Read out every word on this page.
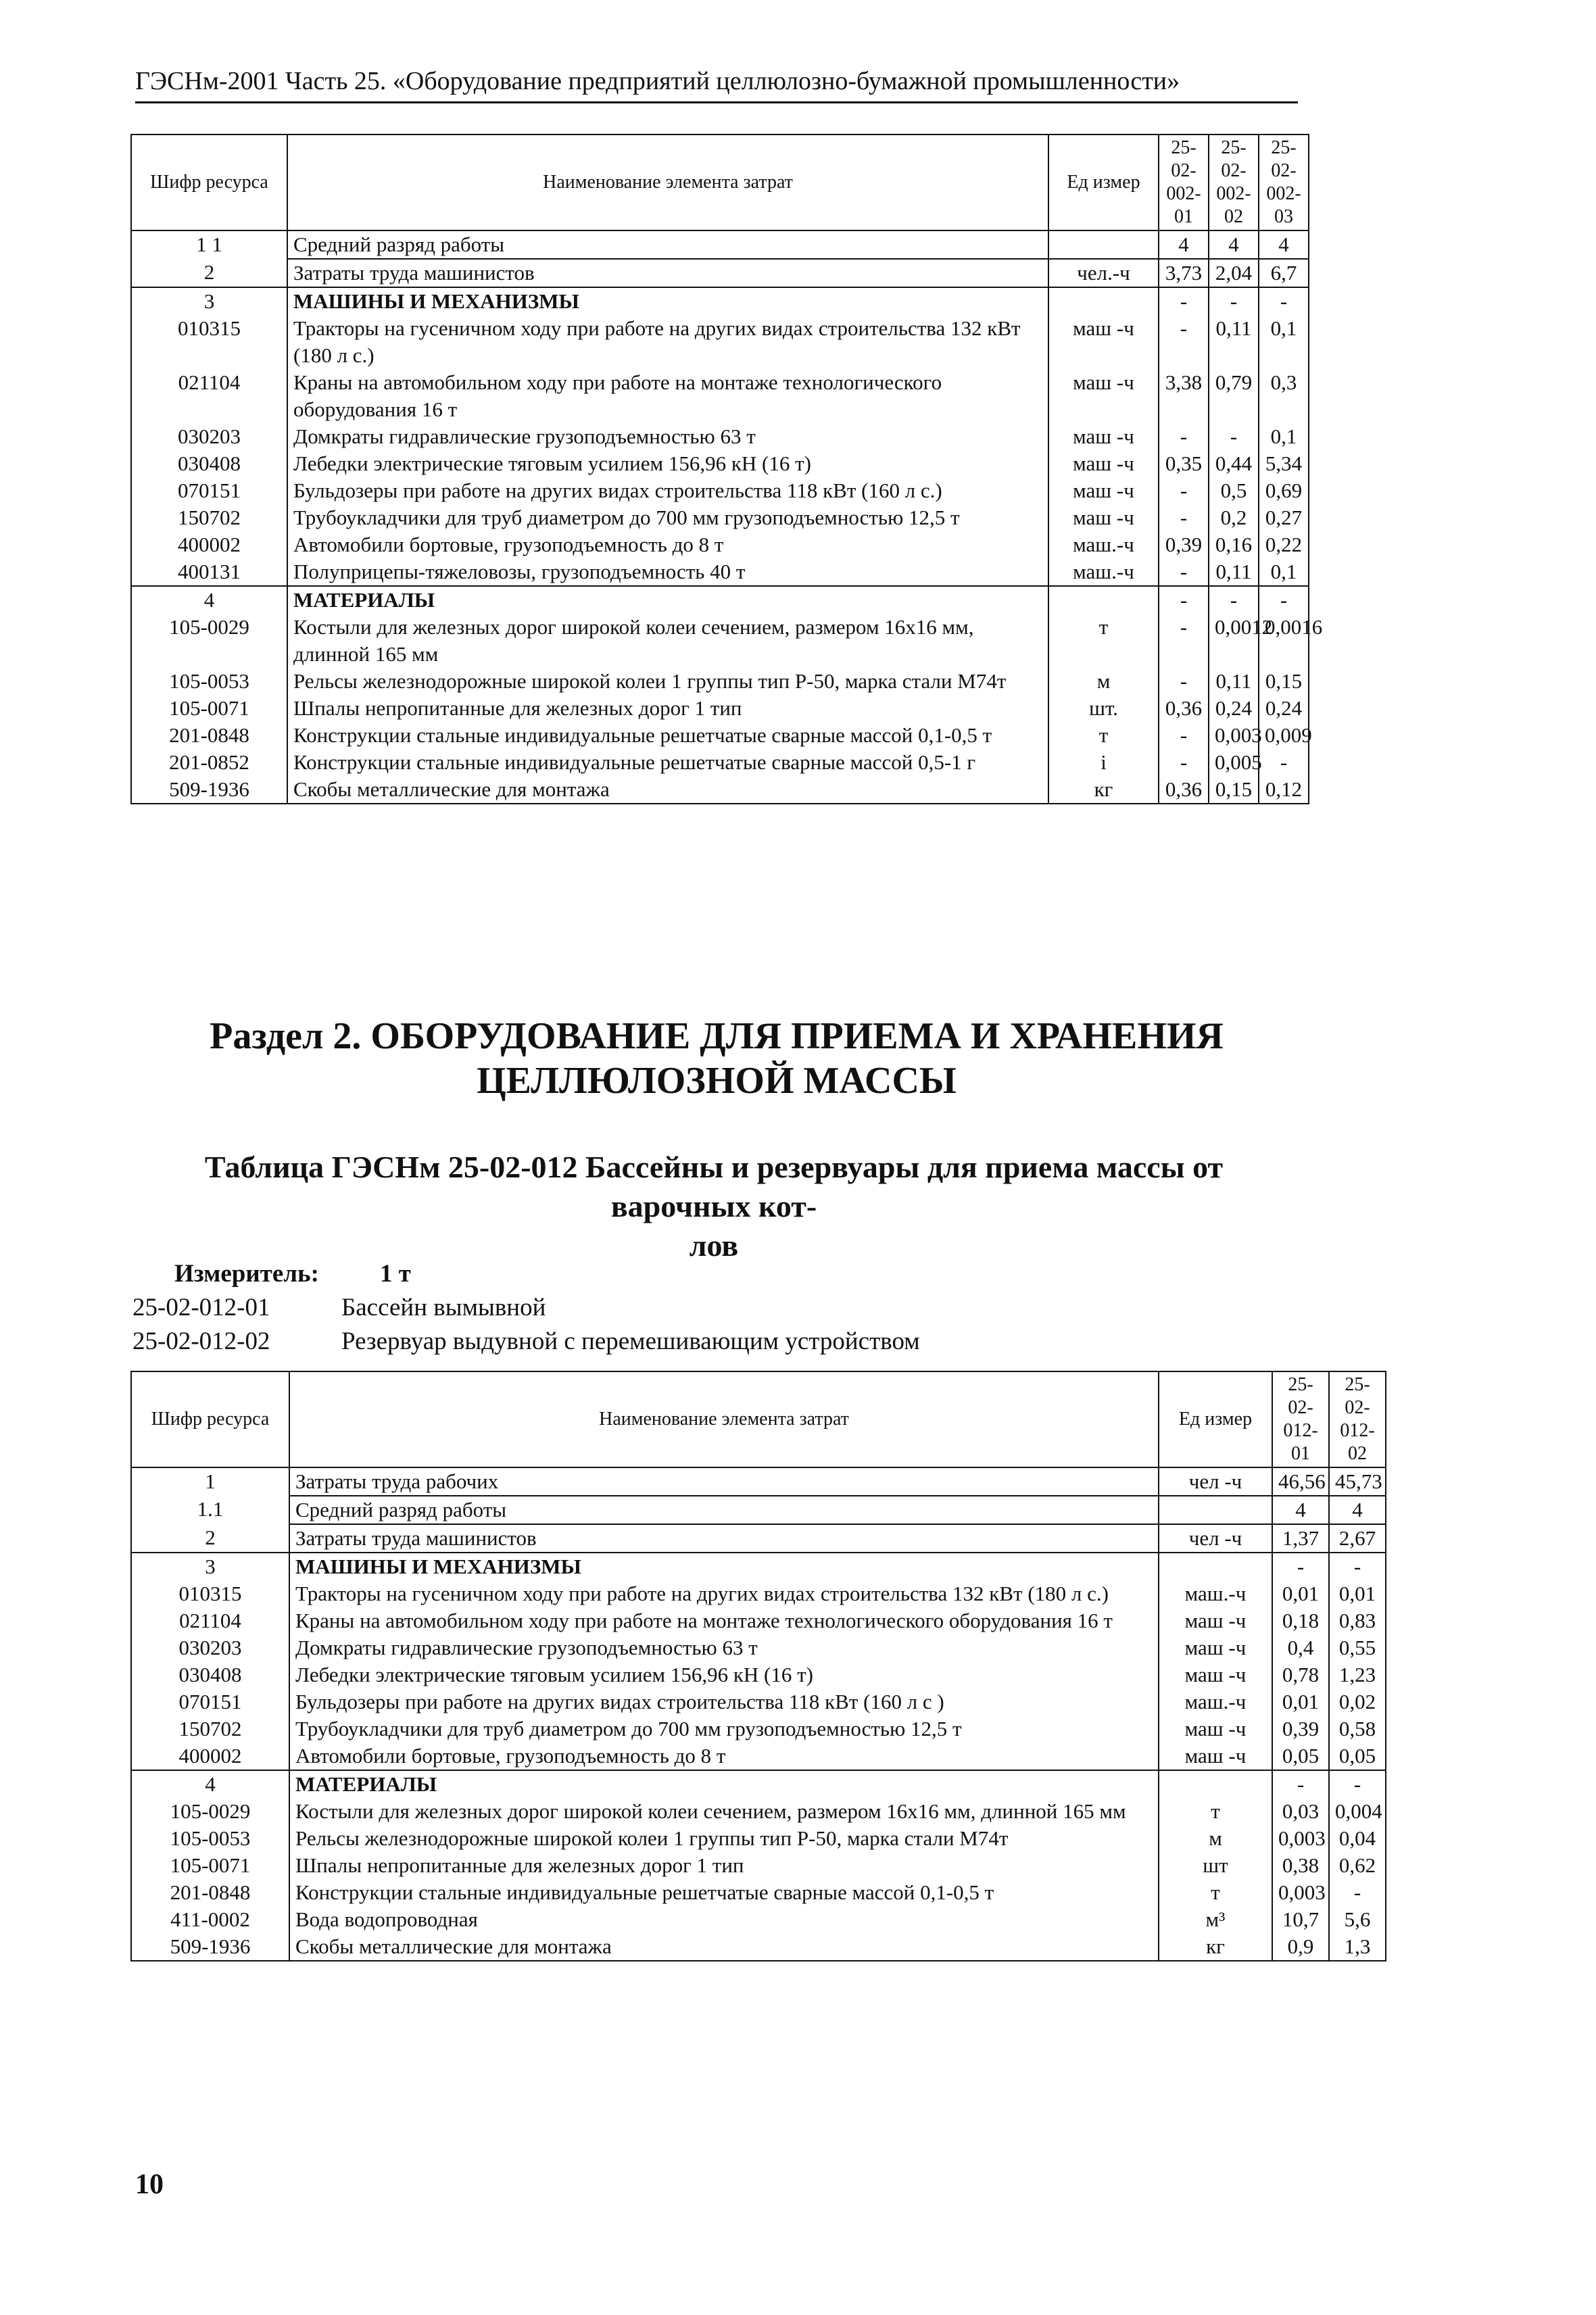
ГЭСНм-2001 Часть 25. «Оборудование предприятий целлюлозно-бумажной промышленности»
Шифр ресурса	Наименование элемента затрат	Ед измер	25-02-002-01	25-02-002-02	25-02-002-03
1 1	Средний разряд работы		4	4	4
2	Затраты труда машинистов	чел.-ч	3,73	2,04	6,7
3	МАШИНЫ И МЕХАНИЗМЫ		-	-	-
010315	Тракторы на гусеничном ходу при работе на других видах строительства 132 кВт (180 л с.)	маш -ч	-	0,11	0,1
021104	Краны на автомобильном ходу при работе на монтаже технологического оборудования 16 т	маш -ч	3,38	0,79	0,3
030203	Домкраты гидравлические грузоподъемностью 63 т	маш -ч	-	-	0,1
030408	Лебедки электрические тяговым усилием 156,96 кН (16 т)	маш -ч	0,35	0,44	5,34
070151	Бульдозеры при работе на других видах строительства 118 кВт (160 л с.)	маш -ч	-	0,5	0,69
150702	Трубоукладчики для труб диаметром до 700 мм грузоподъемностью 12,5 т	маш -ч	-	0,2	0,27
400002	Автомобили бортовые, грузоподъемность до 8 т	маш.-ч	0,39	0,16	0,22
400131	Полуприцепы-тяжеловозы, грузоподъемность 40 т	маш.-ч	-	0,11	0,1
4	МАТЕРИАЛЫ		-	-	-
105-0029	Костыли для железных дорог широкой колеи сечением, размером 16х16 мм, длинной 165 мм	т	-	0,0012	0,0016
105-0053	Рельсы железнодорожные широкой колеи 1 группы тип Р-50, марка стали М74т	м	-	0,11	0,15
105-0071	Шпалы непропитанные для железных дорог 1 тип	шт.	0,36	0,24	0,24
201-0848	Конструкции стальные индивидуальные решетчатые сварные массой 0,1-0,5 т	т	-	0,003	0,009
201-0852	Конструкции стальные индивидуальные решетчатые сварные массой 0,5-1 г	i	-	0,005	-
509-1936	Скобы металлические для монтажа	кг	0,36	0,15	0,12
Раздел 2. ОБОРУДОВАНИЕ ДЛЯ ПРИЕМА И ХРАНЕНИЯ
ЦЕЛЛЮЛОЗНОЙ МАССЫ
Таблица ГЭСНм 25-02-012 Бассейны и резервуары для приема массы от варочных кот-
лов
Измеритель: 1 т
25-02-012-01	Бассейн вымывной
25-02-012-02	Резервуар выдувной с перемешивающим устройством
Шифр ресурса	Наименование элемента затрат	Ед измер	25-02-012-01	25-02-012-02
1	Затраты труда рабочих	чел -ч	46,56	45,73
1.1	Средний разряд работы		4	4
2	Затраты труда машинистов	чел -ч	1,37	2,67
3	МАШИНЫ И МЕХАНИЗМЫ		-	-
010315	Тракторы на гусеничном ходу при работе на других видах строительства 132 кВт (180 л с.)	маш.-ч	0,01	0,01
021104	Краны на автомобильном ходу при работе на монтаже технологического оборудования 16 т	маш -ч	0,18	0,83
030203	Домкраты гидравлические грузоподъемностью 63 т	маш -ч	0,4	0,55
030408	Лебедки электрические тяговым усилием 156,96 кН (16 т)	маш -ч	0,78	1,23
070151	Бульдозеры при работе на других видах строительства 118 кВт (160 л с )	маш.-ч	0,01	0,02
150702	Трубоукладчики для труб диаметром до 700 мм грузоподъемностью 12,5 т	маш -ч	0,39	0,58
400002	Автомобили бортовые, грузоподъемность до 8 т	маш -ч	0,05	0,05
4	МАТЕРИАЛЫ		-	-
105-0029	Костыли для железных дорог широкой колеи сечением, размером 16х16 мм, длинной 165 мм	т	0,03	0,004
105-0053	Рельсы железнодорожные широкой колеи 1 группы тип Р-50, марка стали М74т	м	0,003	0,04
105-0071	Шпалы непропитанные для железных дорог 1 тип	шт	0,38	0,62
201-0848	Конструкции стальные индивидуальные решетчатые сварные массой 0,1-0,5 т	т	0,003	-
411-0002	Вода водопроводная	м³	10,7	5,6
509-1936	Скобы металлические для монтажа	кг	0,9	1,3
10
